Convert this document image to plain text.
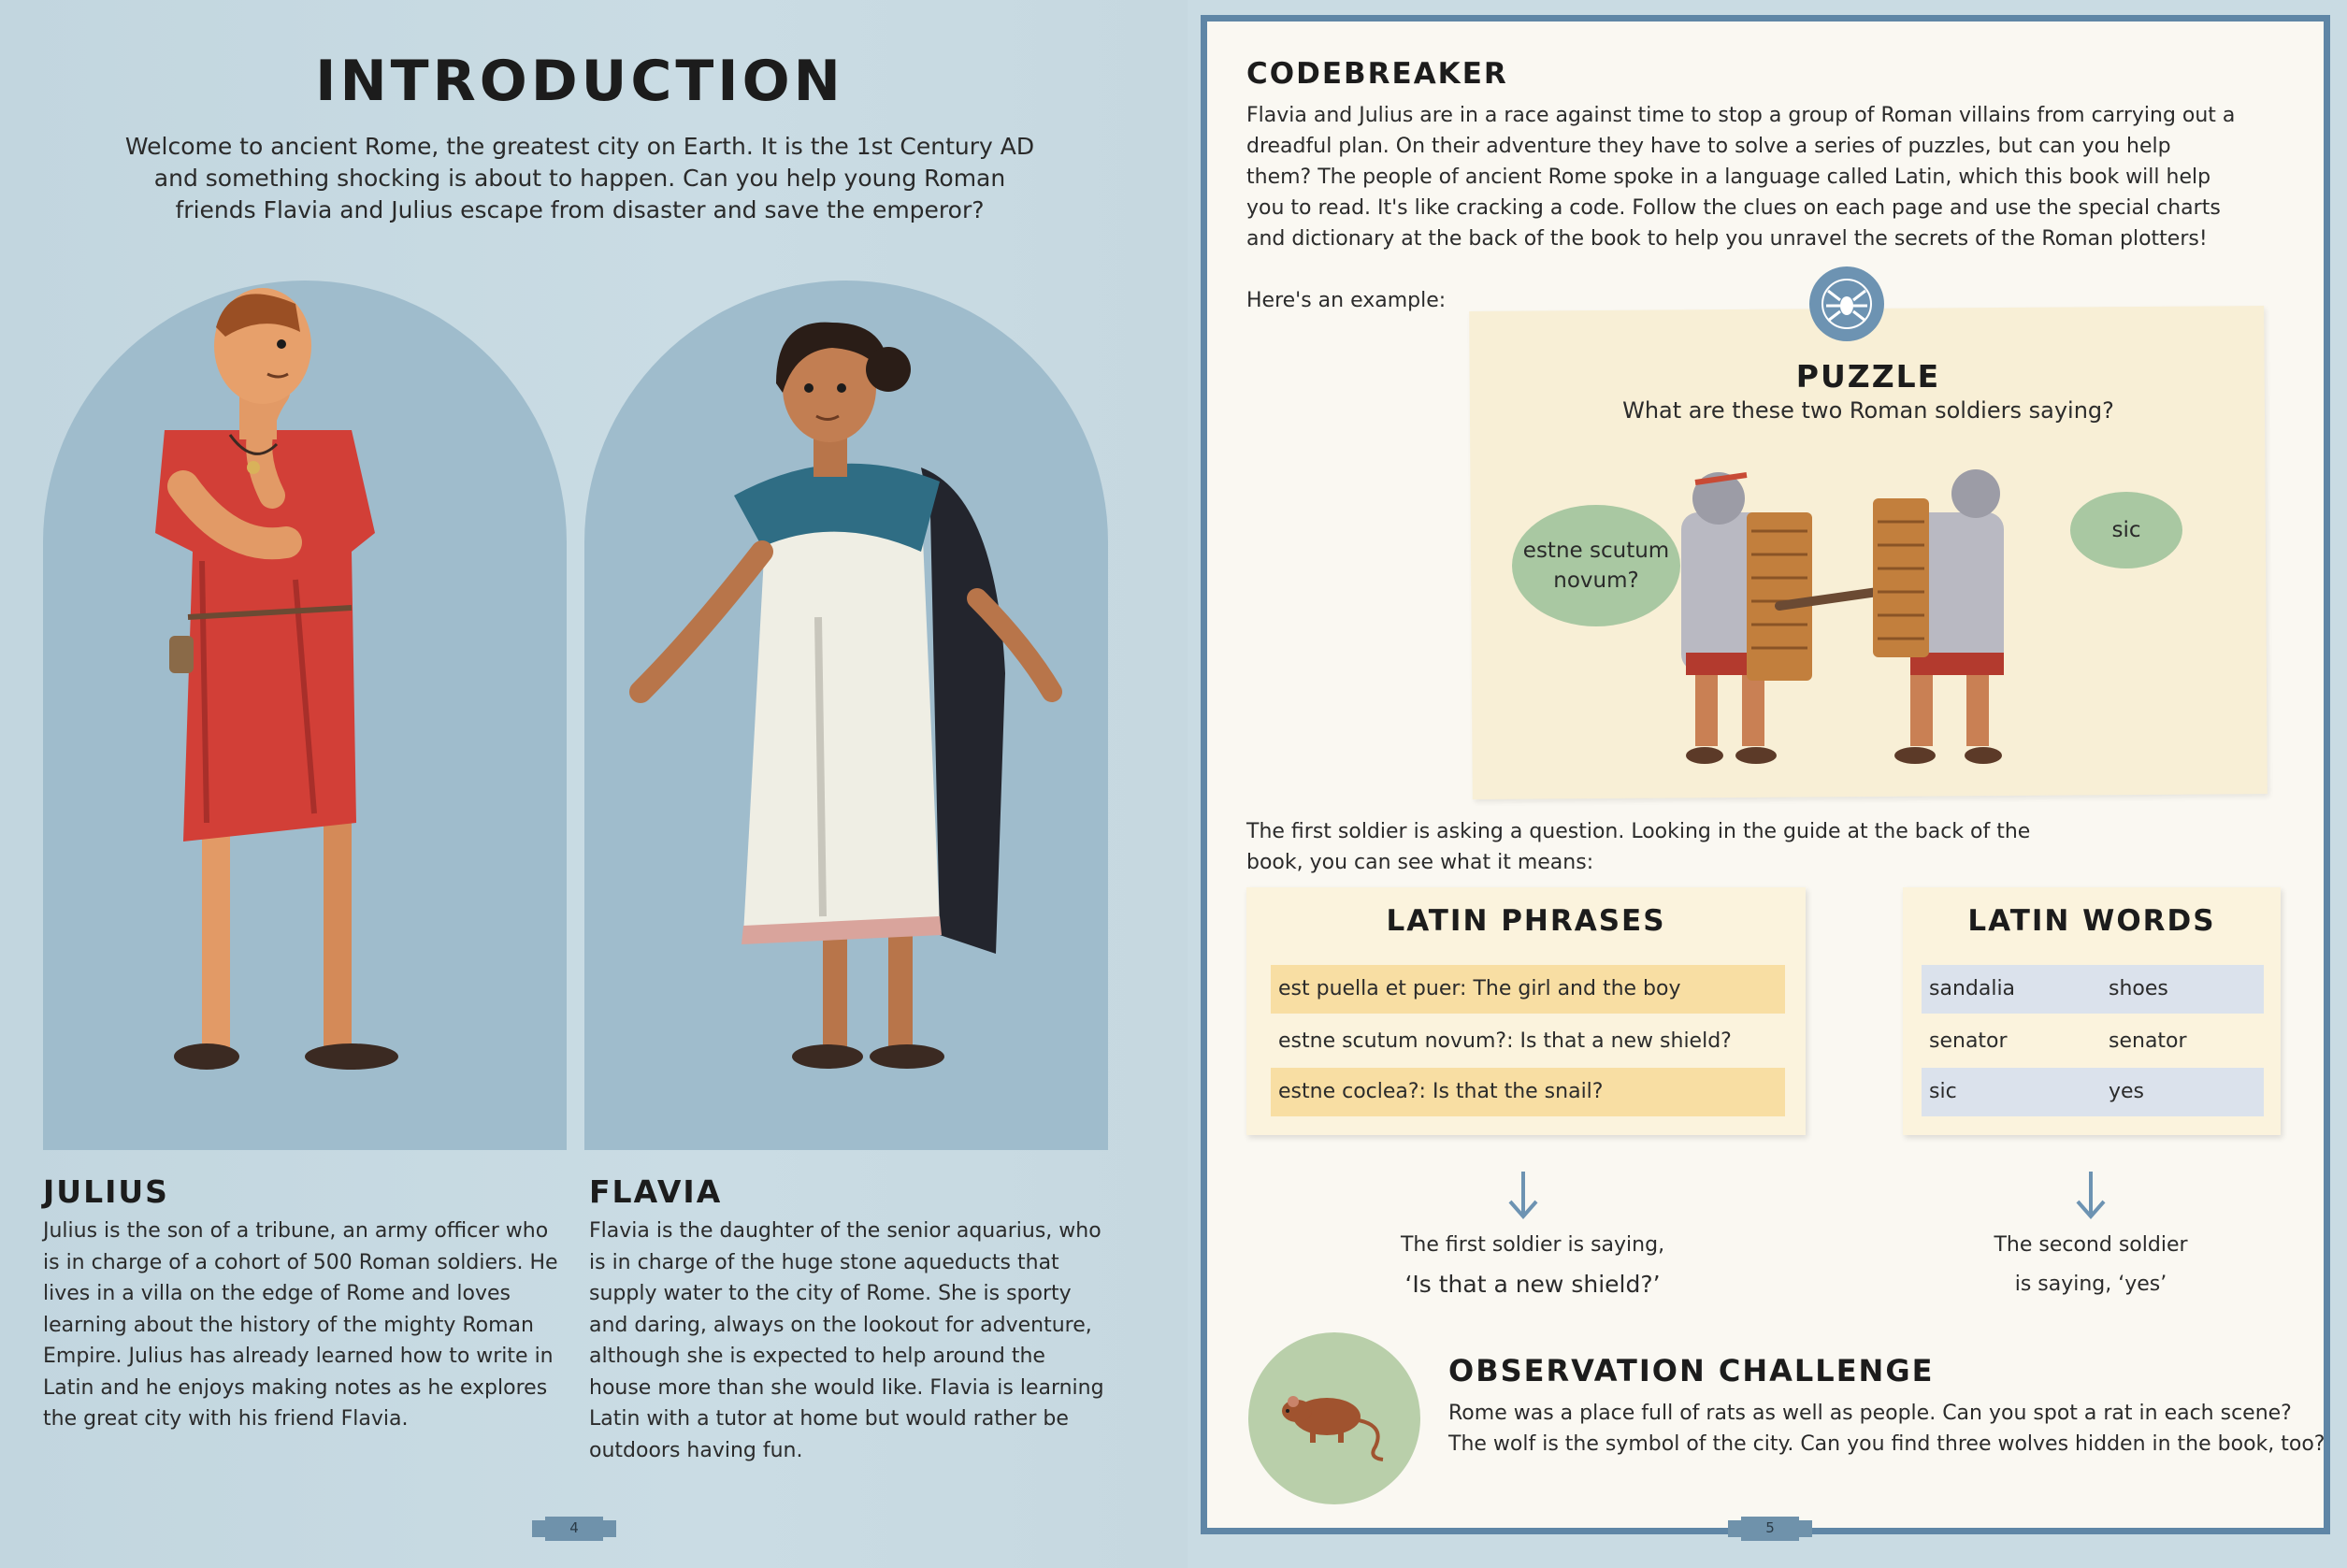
INTRODUCTION
Welcome to ancient Rome, the greatest city on Earth. It is the 1st Century AD and something shocking is about to happen. Can you help young Roman friends Flavia and Julius escape from disaster and save the emperor?
JULIUS
Julius is the son of a tribune, an army officer who is in charge of a cohort of 500 Roman soldiers. He lives in a villa on the edge of Rome and loves learning about the history of the mighty Roman Empire. Julius has already learned how to write in Latin and he enjoys making notes as he explores the great city with his friend Flavia.
FLAVIA
Flavia is the daughter of the senior aquarius, who is in charge of the huge stone aqueducts that supply water to the city of Rome. She is sporty and daring, always on the lookout for adventure, although she is expected to help around the house more than she would like. Flavia is learning Latin with a tutor at home but would rather be outdoors having fun.
4	5
CODEBREAKER
Flavia and Julius are in a race against time to stop a group of Roman villains from carrying out a dreadful plan. On their adventure they have to solve a series of puzzles, but can you help them? The people of ancient Rome spoke in a language called Latin, which this book will help you to read. It's like cracking a code. Follow the clues on each page and use the special charts and dictionary at the back of the book to help you unravel the secrets of the Roman plotters!
Here's an example:
PUZZLE
What are these two Roman soldiers saying?
estne scutum novum?
sic
The first soldier is asking a question. Looking in the guide at the back of the book, you can see what it means:
LATIN PHRASES
est puella et puer: The girl and the boy
estne scutum novum?: Is that a new shield?
estne coclea?: Is that the snail?
LATIN WORDS
sandalia	shoes
senator	senator
sic	yes
The first soldier is saying,
‘Is that a new shield?’
The second soldier
is saying, ‘yes’
OBSERVATION CHALLENGE
Rome was a place full of rats as well as people. Can you spot a rat in each scene?
The wolf is the symbol of the city. Can you find three wolves hidden in the book, too?
